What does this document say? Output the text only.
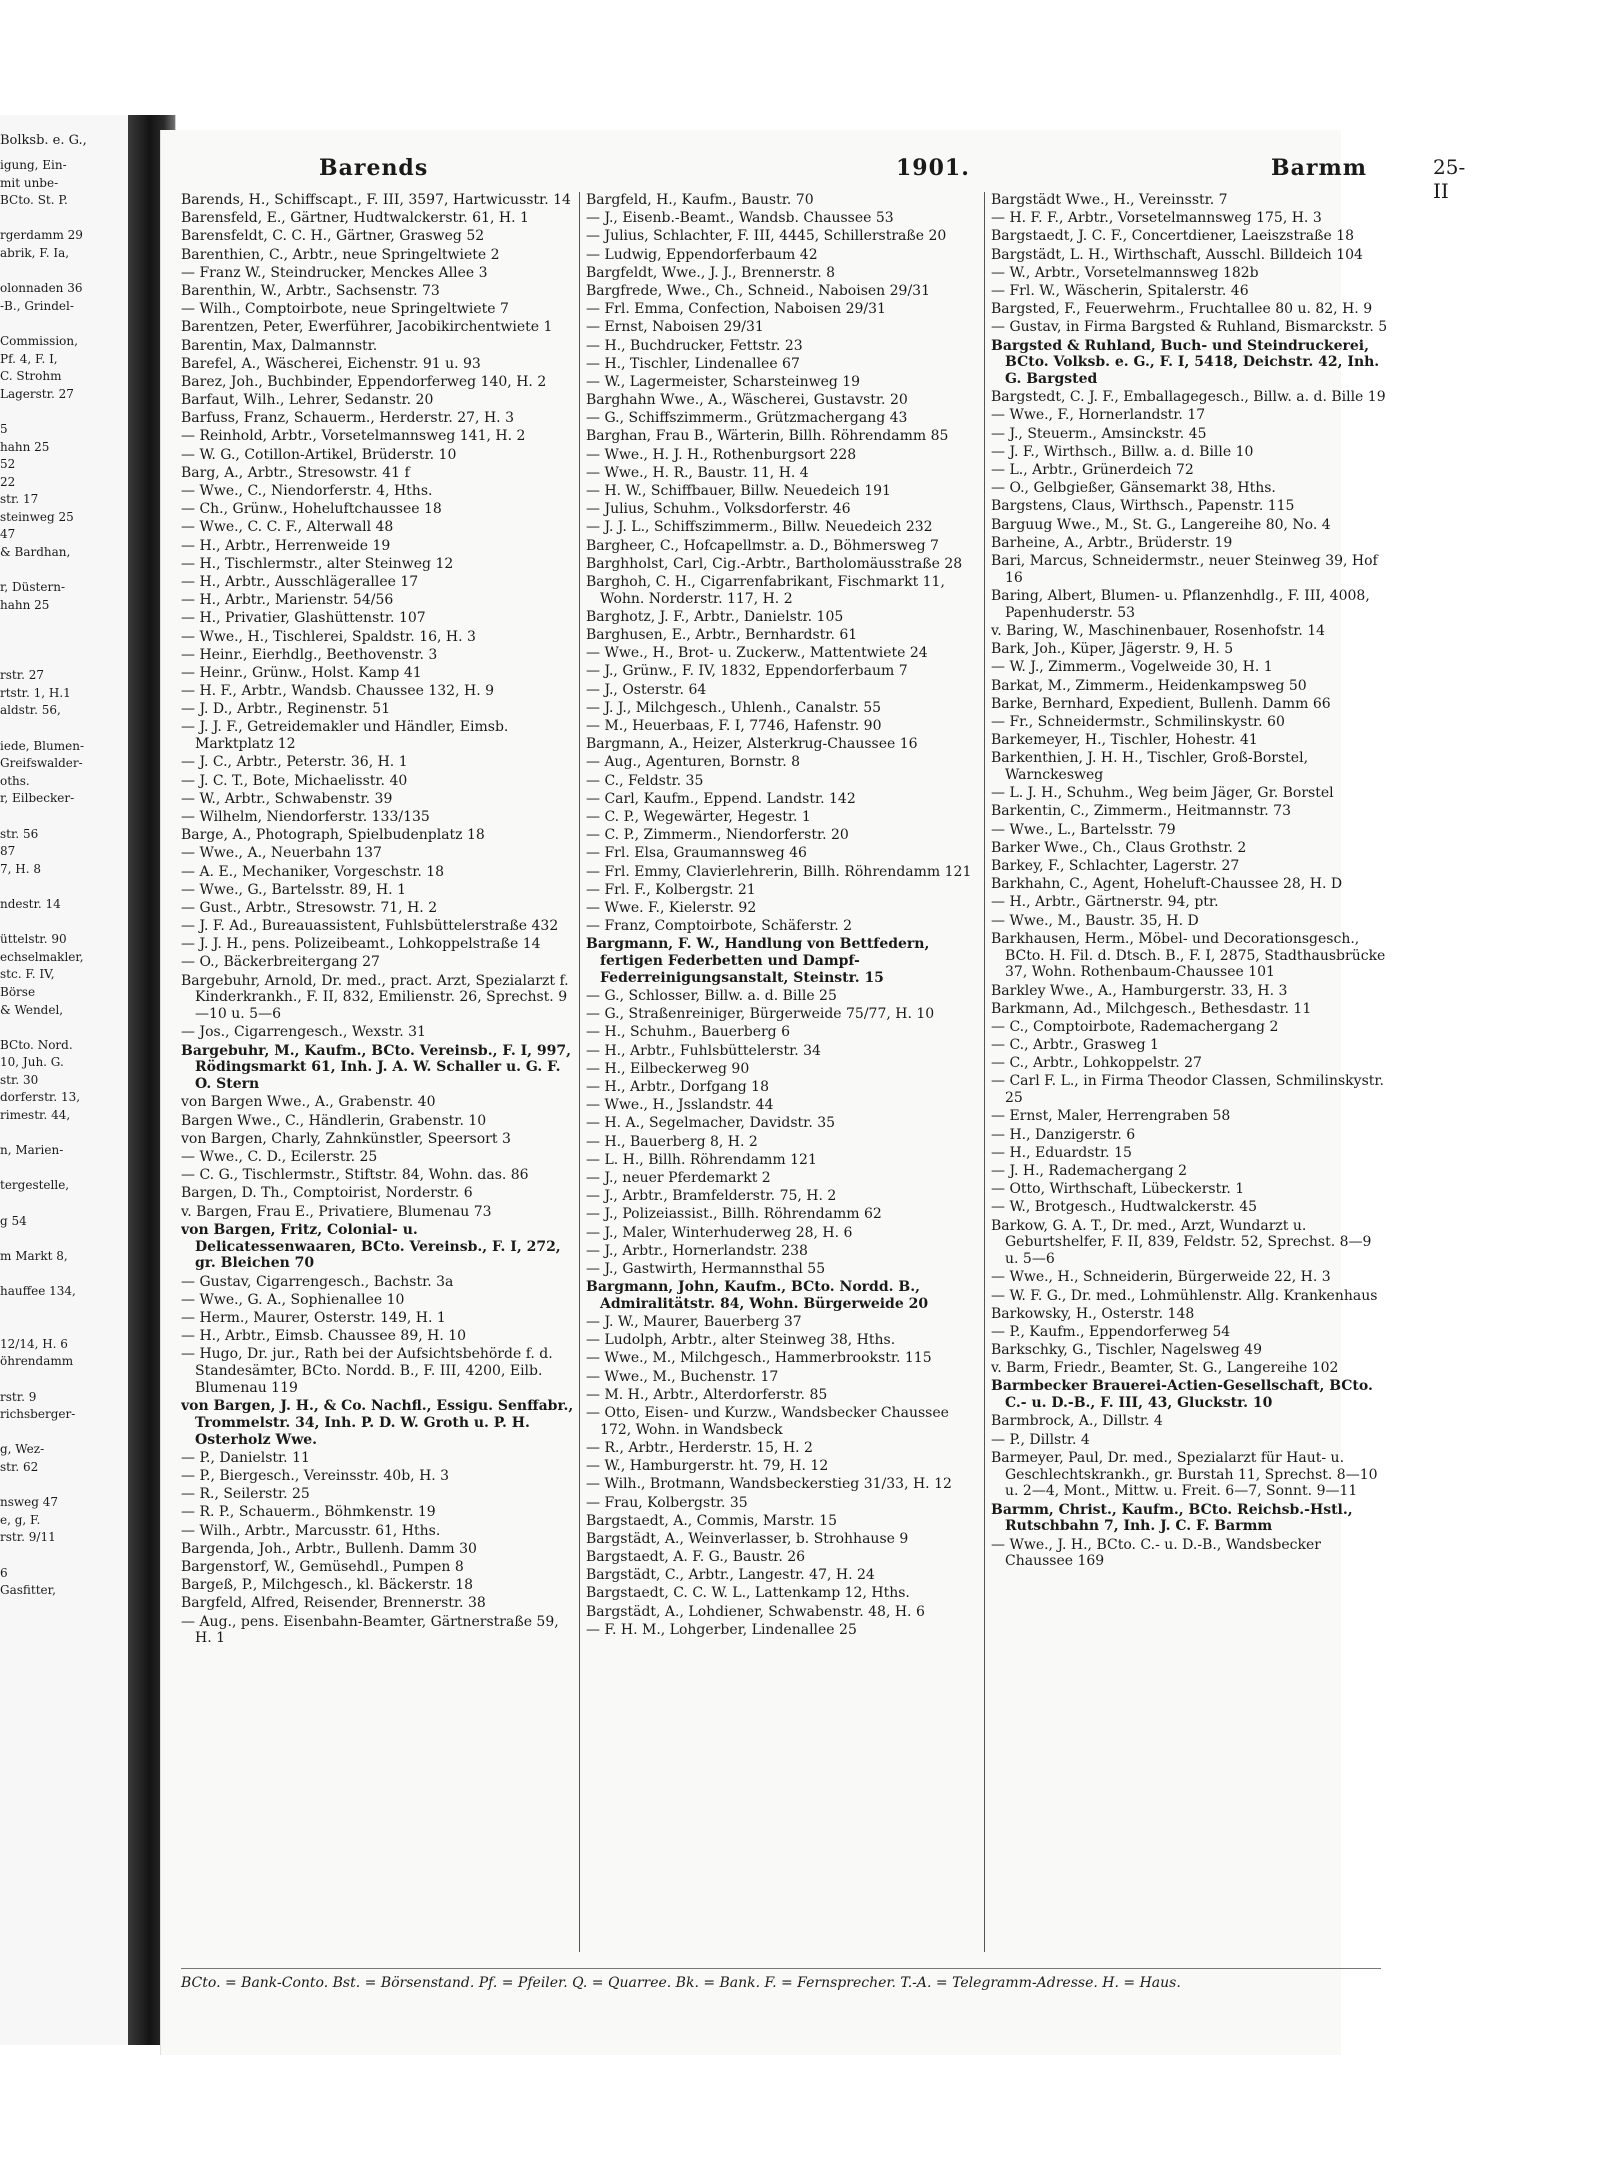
Bolksb. e. G.,
igung, Ein-
mit unbe-
BCto. St. P.
rgerdamm 29
abrik, F. Ia,
olonnaden 36
-B., Grindel-
Commission,
Pf. 4, F. I,
C. Strohm
Lagerstr. 27
5
hahn 25
52
22
str. 17
steinweg 25
47
& Bardhan,
r, Düstern-
hahn 25
rstr. 27
rtstr. 1, H.1
aldstr. 56,
iede, Blumen-
Greifswalder-
oths.
r, Eilbecker-
str. 56
87
7, H. 8
ndestr. 14
üttelstr. 90
echselmakler,
stc. F. IV,
Börse
& Wendel,
BCto. Nord.
10, Juh. G.
str. 30
dorferstr. 13,
rimestr. 44,
n, Marien-
tergestelle,
g 54
m Markt 8,
hauffee 134,
12/14, H. 6
öhrendamm
rstr. 9
richsberger-
g, Wez-
str. 62
nsweg 47
e, g, F.
rstr. 9/11
6
Gasfitter,
Barends	1901.	Barmm	25-II
Barends, H., Schiffscapt., F. III, 3597, Hartwicusstr. 14
Barensfeld, E., Gärtner, Hudtwalckerstr. 61, H. 1
Barensfeldt, C. C. H., Gärtner, Grasweg 52
Barenthien, C., Arbtr., neue Springeltwiete 2
— Franz W., Steindrucker, Menckes Allee 3
Barenthin, W., Arbtr., Sachsenstr. 73
— Wilh., Comptoirbote, neue Springeltwiete 7
Barentzen, Peter, Ewerführer, Jacobikirchentwiete 1
Barentin, Max, Dalmannstr.
Barefel, A., Wäscherei, Eichenstr. 91 u. 93
Barez, Joh., Buchbinder, Eppendorferweg 140, H. 2
Barfaut, Wilh., Lehrer, Sedanstr. 20
Barfuss, Franz, Schauerm., Herderstr. 27, H. 3
— Reinhold, Arbtr., Vorsetelmannsweg 141, H. 2
— W. G., Cotillon-Artikel, Brüderstr. 10
Barg, A., Arbtr., Stresowstr. 41 f
— Wwe., C., Niendorferstr. 4, Hths.
— Ch., Grünw., Hoheluftchaussee 18
— Wwe., C. C. F., Alterwall 48
— H., Arbtr., Herrenweide 19
— H., Tischlermstr., alter Steinweg 12
— H., Arbtr., Ausschlägerallee 17
— H., Arbtr., Marienstr. 54/56
— H., Privatier, Glashüttenstr. 107
— Wwe., H., Tischlerei, Spaldstr. 16, H. 3
— Heinr., Eierhdlg., Beethovenstr. 3
— Heinr., Grünw., Holst. Kamp 41
— H. F., Arbtr., Wandsb. Chaussee 132, H. 9
— J. D., Arbtr., Reginenstr. 51
— J. J. F., Getreidemakler und Händler, Eimsb. Marktplatz 12
— J. C., Arbtr., Peterstr. 36, H. 1
— J. C. T., Bote, Michaelisstr. 40
— W., Arbtr., Schwabenstr. 39
— Wilhelm, Niendorferstr. 133/135
Barge, A., Photograph, Spielbudenplatz 18
— Wwe., A., Neuerbahn 137
— A. E., Mechaniker, Vorgeschstr. 18
— Wwe., G., Bartelsstr. 89, H. 1
— Gust., Arbtr., Stresowstr. 71, H. 2
— J. F. Ad., Bureauassistent, Fuhlsbüttelerstraße 432
— J. J. H., pens. Polizeibeamt., Lohkoppelstraße 14
— O., Bäckerbreitergang 27
Bargebuhr, Arnold, Dr. med., pract. Arzt, Spezialarzt f. Kinderkrankh., F. II, 832, Emilienstr. 26, Sprechst. 9—10 u. 5—6
— Jos., Cigarrengesch., Wexstr. 31
Bargebuhr, M., Kaufm., BCto. Vereinsb., F. I, 997, Rödingsmarkt 61, Inh. J. A. W. Schaller u. G. F. O. Stern
von Bargen Wwe., A., Grabenstr. 40
Bargen Wwe., C., Händlerin, Grabenstr. 10
von Bargen, Charly, Zahnkünstler, Speersort 3
— Wwe., C. D., Ecilerstr. 25
— C. G., Tischlermstr., Stiftstr. 84, Wohn. das. 86
Bargen, D. Th., Comptoirist, Norderstr. 6
v. Bargen, Frau E., Privatiere, Blumenau 73
von Bargen, Fritz, Colonial- u. Delicatessenwaaren, BCto. Vereinsb., F. I, 272, gr. Bleichen 70
— Gustav, Cigarrengesch., Bachstr. 3a
— Wwe., G. A., Sophienallee 10
— Herm., Maurer, Osterstr. 149, H. 1
— H., Arbtr., Eimsb. Chaussee 89, H. 10
— Hugo, Dr. jur., Rath bei der Aufsichtsbehörde f. d. Standesämter, BCto. Nordd. B., F. III, 4200, Eilb. Blumenau 119
von Bargen, J. H., & Co. Nachfl., Essigu. Senffabr., Trommelstr. 34, Inh. P. D. W. Groth u. P. H. Osterholz Wwe.
— P., Danielstr. 11
— P., Biergesch., Vereinsstr. 40b, H. 3
— R., Seilerstr. 25
— R. P., Schauerm., Böhmkenstr. 19
— Wilh., Arbtr., Marcusstr. 61, Hths.
Bargenda, Joh., Arbtr., Bullenh. Damm 30
Bargenstorf, W., Gemüsehdl., Pumpen 8
Bargeß, P., Milchgesch., kl. Bäckerstr. 18
Bargfeld, Alfred, Reisender, Brennerstr. 38
— Aug., pens. Eisenbahn-Beamter, Gärtnerstraße 59, H. 1
Bargfeld, H., Kaufm., Baustr. 70
— J., Eisenb.-Beamt., Wandsb. Chaussee 53
— Julius, Schlachter, F. III, 4445, Schillerstraße 20
— Ludwig, Eppendorferbaum 42
Bargfeldt, Wwe., J. J., Brennerstr. 8
Bargfrede, Wwe., Ch., Schneid., Naboisen 29/31
— Frl. Emma, Confection, Naboisen 29/31
— Ernst, Naboisen 29/31
— H., Buchdrucker, Fettstr. 23
— H., Tischler, Lindenallee 67
— W., Lagermeister, Scharsteinweg 19
Barghahn Wwe., A., Wäscherei, Gustavstr. 20
— G., Schiffszimmerm., Grützmachergang 43
Barghan, Frau B., Wärterin, Billh. Röhrendamm 85
— Wwe., H. J. H., Rothenburgsort 228
— Wwe., H. R., Baustr. 11, H. 4
— H. W., Schiffbauer, Billw. Neuedeich 191
— Julius, Schuhm., Volksdorferstr. 46
— J. J. L., Schiffszimmerm., Billw. Neuedeich 232
Bargheer, C., Hofcapellmstr. a. D., Böhmersweg 7
Barghholst, Carl, Cig.-Arbtr., Bartholomäusstraße 28
Barghoh, C. H., Cigarrenfabrikant, Fischmarkt 11, Wohn. Norderstr. 117, H. 2
Barghotz, J. F., Arbtr., Danielstr. 105
Barghusen, E., Arbtr., Bernhardstr. 61
— Wwe., H., Brot- u. Zuckerw., Mattentwiete 24
— J., Grünw., F. IV, 1832, Eppendorferbaum 7
— J., Osterstr. 64
— J. J., Milchgesch., Uhlenh., Canalstr. 55
— M., Heuerbaas, F. I, 7746, Hafenstr. 90
Bargmann, A., Heizer, Alsterkrug-Chaussee 16
— Aug., Agenturen, Bornstr. 8
— C., Feldstr. 35
— Carl, Kaufm., Eppend. Landstr. 142
— C. P., Wegewärter, Hegestr. 1
— C. P., Zimmerm., Niendorferstr. 20
— Frl. Elsa, Graumannsweg 46
— Frl. Emmy, Clavierlehrerin, Billh. Röhrendamm 121
— Frl. F., Kolbergstr. 21
— Wwe. F., Kielerstr. 92
— Franz, Comptoirbote, Schäferstr. 2
Bargmann, F. W., Handlung von Bettfedern, fertigen Federbetten und Dampf-Federreinigungsanstalt, Steinstr. 15
— G., Schlosser, Billw. a. d. Bille 25
— G., Straßenreiniger, Bürgerweide 75/77, H. 10
— H., Schuhm., Bauerberg 6
— H., Arbtr., Fuhlsbüttelerstr. 34
— H., Eilbeckerweg 90
— H., Arbtr., Dorfgang 18
— Wwe., H., Jsslandstr. 44
— H. A., Segelmacher, Davidstr. 35
— H., Bauerberg 8, H. 2
— L. H., Billh. Röhrendamm 121
— J., neuer Pferdemarkt 2
— J., Arbtr., Bramfelderstr. 75, H. 2
— J., Polizeiassist., Billh. Röhrendamm 62
— J., Maler, Winterhuderweg 28, H. 6
— J., Arbtr., Hornerlandstr. 238
— J., Gastwirth, Hermannsthal 55
Bargmann, John, Kaufm., BCto. Nordd. B., Admiralitätstr. 84, Wohn. Bürgerweide 20
— J. W., Maurer, Bauerberg 37
— Ludolph, Arbtr., alter Steinweg 38, Hths.
— Wwe., M., Milchgesch., Hammerbrookstr. 115
— Wwe., M., Buchenstr. 17
— M. H., Arbtr., Alterdorferstr. 85
— Otto, Eisen- und Kurzw., Wandsbecker Chaussee 172, Wohn. in Wandsbeck
— R., Arbtr., Herderstr. 15, H. 2
— W., Hamburgerstr. ht. 79, H. 12
— Wilh., Brotmann, Wandsbeckerstieg 31/33, H. 12
— Frau, Kolbergstr. 35
Bargstaedt, A., Commis, Marstr. 15
Bargstädt, A., Weinverlasser, b. Strohhause 9
Bargstaedt, A. F. G., Baustr. 26
Bargstädt, C., Arbtr., Langestr. 47, H. 24
Bargstaedt, C. C. W. L., Lattenkamp 12, Hths.
Bargstädt, A., Lohdiener, Schwabenstr. 48, H. 6
— F. H. M., Lohgerber, Lindenallee 25
Bargstädt Wwe., H., Vereinsstr. 7
— H. F. F., Arbtr., Vorsetelmannsweg 175, H. 3
Bargstaedt, J. C. F., Concertdiener, Laeiszstraße 18
Bargstädt, L. H., Wirthschaft, Ausschl. Billdeich 104
— W., Arbtr., Vorsetelmannsweg 182b
— Frl. W., Wäscherin, Spitalerstr. 46
Bargsted, F., Feuerwehrm., Fruchtallee 80 u. 82, H. 9
— Gustav, in Firma Bargsted & Ruhland, Bismarckstr. 5
Bargsted & Ruhland, Buch- und Steindruckerei, BCto. Volksb. e. G., F. I, 5418, Deichstr. 42, Inh. G. Bargsted
Bargstedt, C. J. F., Emballagegesch., Billw. a. d. Bille 19
— Wwe., F., Hornerlandstr. 17
— J., Steuerm., Amsinckstr. 45
— J. F., Wirthsch., Billw. a. d. Bille 10
— L., Arbtr., Grünerdeich 72
— O., Gelbgießer, Gänsemarkt 38, Hths.
Bargstens, Claus, Wirthsch., Papenstr. 115
Barguug Wwe., M., St. G., Langereihe 80, No. 4
Barheine, A., Arbtr., Brüderstr. 19
Bari, Marcus, Schneidermstr., neuer Steinweg 39, Hof 16
Baring, Albert, Blumen- u. Pflanzenhdlg., F. III, 4008, Papenhuderstr. 53
v. Baring, W., Maschinenbauer, Rosenhofstr. 14
Bark, Joh., Küper, Jägerstr. 9, H. 5
— W. J., Zimmerm., Vogelweide 30, H. 1
Barkat, M., Zimmerm., Heidenkampsweg 50
Barke, Bernhard, Expedient, Bullenh. Damm 66
— Fr., Schneidermstr., Schmilinskystr. 60
Barkemeyer, H., Tischler, Hohestr. 41
Barkenthien, J. H. H., Tischler, Groß-Borstel, Warnckesweg
— L. J. H., Schuhm., Weg beim Jäger, Gr. Borstel
Barkentin, C., Zimmerm., Heitmannstr. 73
— Wwe., L., Bartelsstr. 79
Barker Wwe., Ch., Claus Grothstr. 2
Barkey, F., Schlachter, Lagerstr. 27
Barkhahn, C., Agent, Hoheluft-Chaussee 28, H. D
— H., Arbtr., Gärtnerstr. 94, ptr.
— Wwe., M., Baustr. 35, H. D
Barkhausen, Herm., Möbel- und Decorationsgesch., BCto. H. Fil. d. Dtsch. B., F. I, 2875, Stadthausbrücke 37, Wohn. Rothenbaum-Chaussee 101
Barkley Wwe., A., Hamburgerstr. 33, H. 3
Barkmann, Ad., Milchgesch., Bethesdastr. 11
— C., Comptoirbote, Rademachergang 2
— C., Arbtr., Grasweg 1
— C., Arbtr., Lohkoppelstr. 27
— Carl F. L., in Firma Theodor Classen, Schmilinskystr. 25
— Ernst, Maler, Herrengraben 58
— H., Danzigerstr. 6
— H., Eduardstr. 15
— J. H., Rademachergang 2
— Otto, Wirthschaft, Lübeckerstr. 1
— W., Brotgesch., Hudtwalckerstr. 45
Barkow, G. A. T., Dr. med., Arzt, Wundarzt u. Geburtshelfer, F. II, 839, Feldstr. 52, Sprechst. 8—9 u. 5—6
— Wwe., H., Schneiderin, Bürgerweide 22, H. 3
— W. F. G., Dr. med., Lohmühlenstr. Allg. Krankenhaus
Barkowsky, H., Osterstr. 148
— P., Kaufm., Eppendorferweg 54
Barkschky, G., Tischler, Nagelsweg 49
v. Barm, Friedr., Beamter, St. G., Langereihe 102
Barmbecker Brauerei-Actien-Gesellschaft, BCto. C.- u. D.-B., F. III, 43, Gluckstr. 10
Barmbrock, A., Dillstr. 4
— P., Dillstr. 4
Barmeyer, Paul, Dr. med., Spezialarzt für Haut- u. Geschlechtskrankh., gr. Burstah 11, Sprechst. 8—10 u. 2—4, Mont., Mittw. u. Freit. 6—7, Sonnt. 9—11
Barmm, Christ., Kaufm., BCto. Reichsb.-Hstl., Rutschbahn 7, Inh. J. C. F. Barmm
— Wwe., J. H., BCto. C.- u. D.-B., Wandsbecker Chaussee 169
BCto. = Bank-Conto. Bst. = Börsenstand. Pf. = Pfeiler. Q. = Quarree. Bk. = Bank. F. = Fernsprecher. T.-A. = Telegramm-Adresse. H. = Haus.
